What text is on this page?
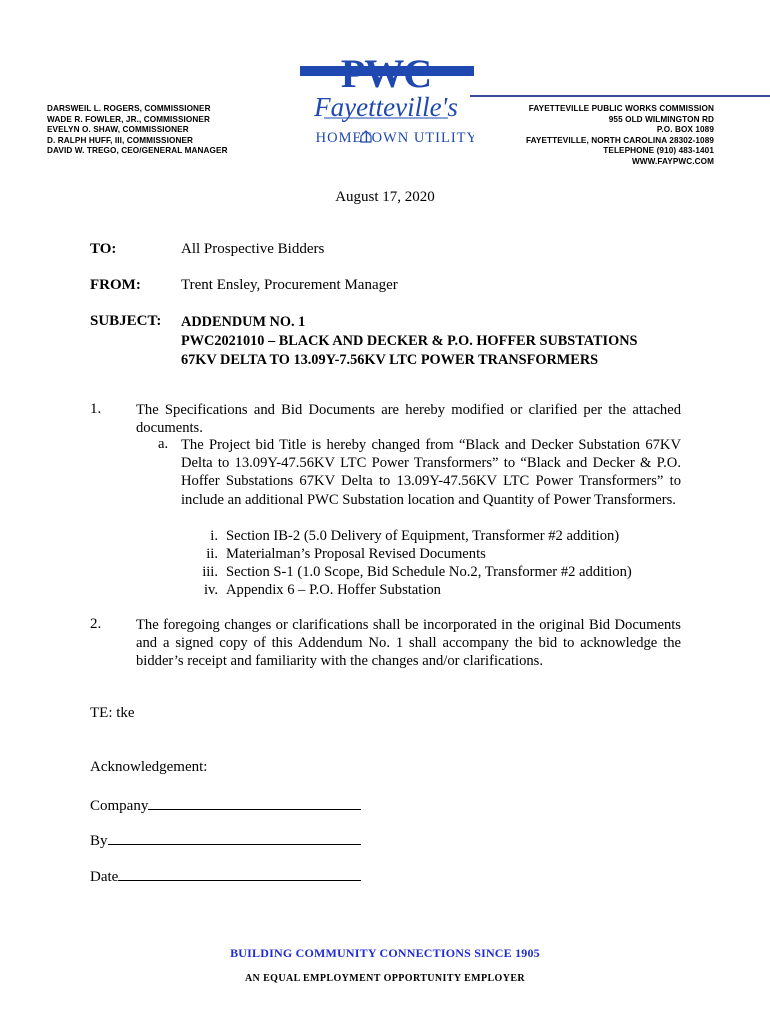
DARSWEIL L. ROGERS, COMMISSIONER
WADE R. FOWLER, JR., COMMISSIONER
EVELYN O. SHAW, COMMISSIONER
D. RALPH HUFF, III, COMMISSIONER
DAVID W. TREGO, CEO/GENERAL MANAGER
PWC
Fayetteville's
HOME TOWN UTILITY
FAYETTEVILLE PUBLIC WORKS COMMISSION
955 OLD WILMINGTON RD
P.O. BOX 1089
FAYETTEVILLE, NORTH CAROLINA 28302-1089
TELEPHONE (910) 483-1401
WWW.FAYPWC.COM
August 17, 2020
TO:	All Prospective Bidders
FROM:	Trent Ensley, Procurement Manager
SUBJECT: ADDENDUM NO. 1
PWC2021010 – BLACK AND DECKER & P.O. HOFFER SUBSTATIONS
67KV DELTA TO 13.09Y-7.56KV LTC POWER TRANSFORMERS
1. The Specifications and Bid Documents are hereby modified or clarified per the attached documents.
a. The Project bid Title is hereby changed from “Black and Decker Substation 67KV Delta to 13.09Y-47.56KV LTC Power Transformers” to “Black and Decker & P.O. Hoffer Substations 67KV Delta to 13.09Y-47.56KV LTC Power Transformers” to include an additional PWC Substation location and Quantity of Power Transformers.
i. Section IB-2 (5.0 Delivery of Equipment, Transformer #2 addition)
ii. Materialman’s Proposal Revised Documents
iii. Section S-1 (1.0 Scope, Bid Schedule No.2, Transformer #2 addition)
iv. Appendix 6 – P.O. Hoffer Substation
2. The foregoing changes or clarifications shall be incorporated in the original Bid Documents and a signed copy of this Addendum No. 1 shall accompany the bid to acknowledge the bidder’s receipt and familiarity with the changes and/or clarifications.
TE: tke
Acknowledgement:
Company
By
Date
BUILDING COMMUNITY CONNECTIONS SINCE 1905
AN EQUAL EMPLOYMENT OPPORTUNITY EMPLOYER
